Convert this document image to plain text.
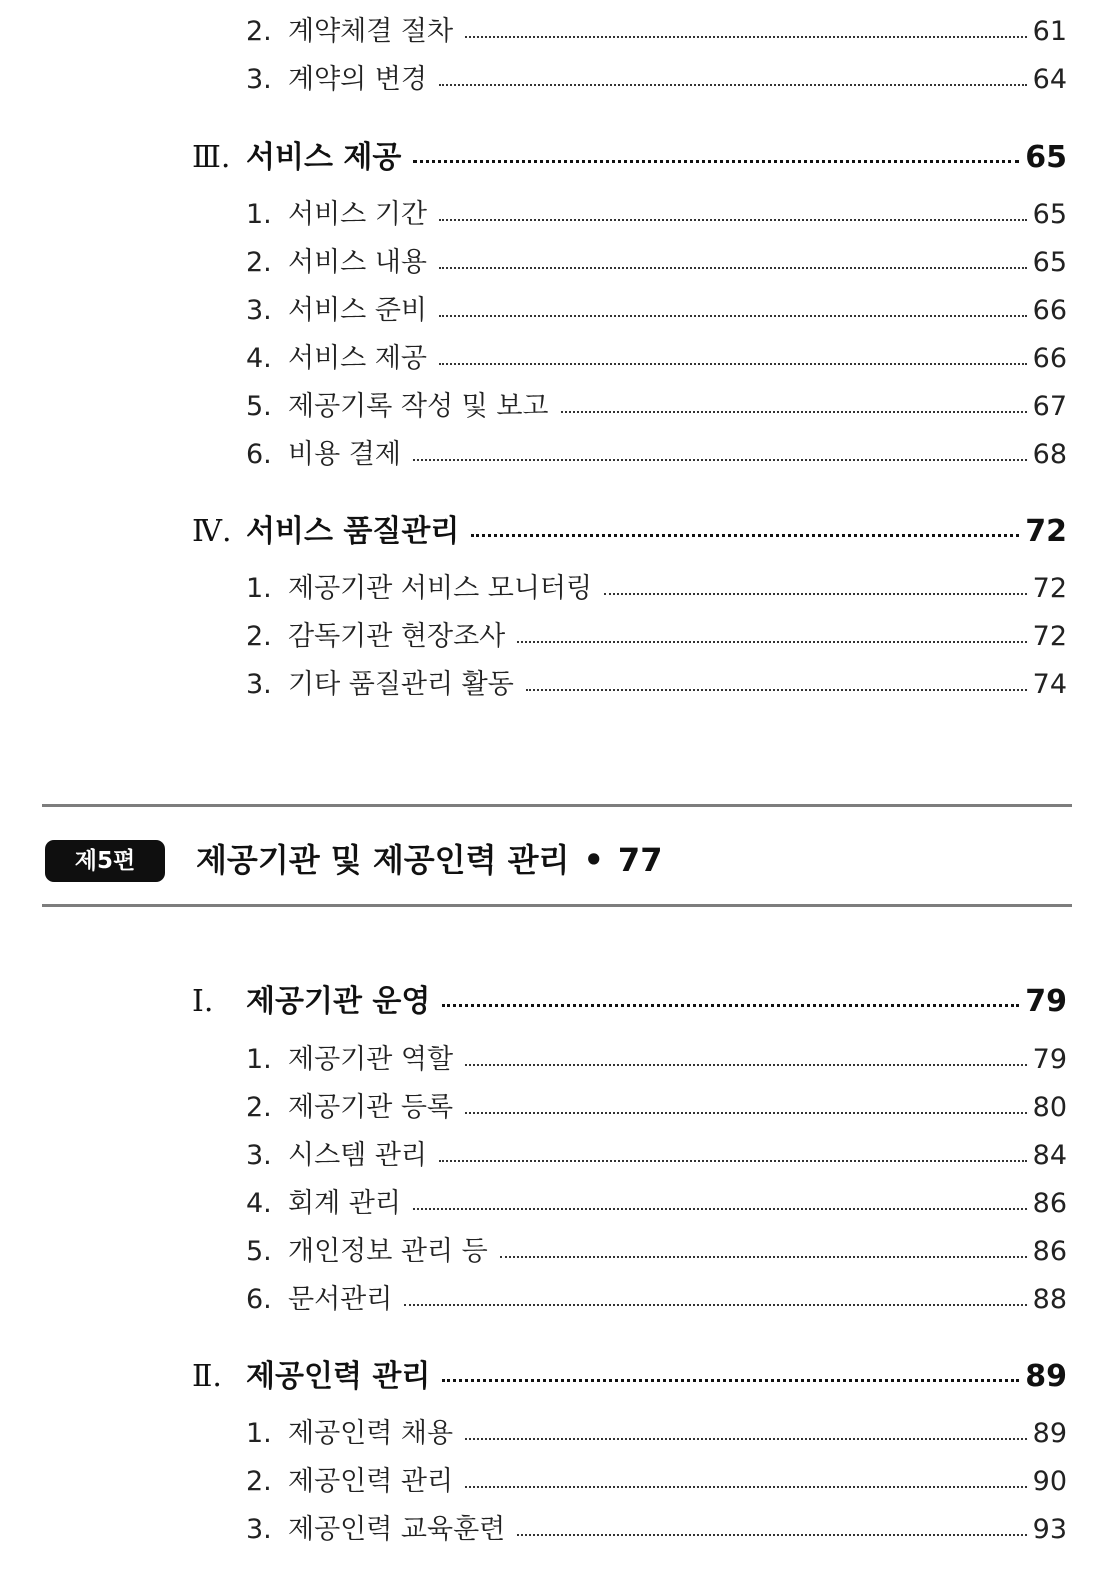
2. 계약체결 절차	61
3. 계약의 변경	64
Ⅲ. 서비스 제공	65
1. 서비스 기간	65
2. 서비스 내용	65
3. 서비스 준비	66
4. 서비스 제공	66
5. 제공기록 작성 및 보고	67
6. 비용 결제	68
Ⅳ. 서비스 품질관리	72
1. 제공기관 서비스 모니터링	72
2. 감독기관 현장조사	72
3. 기타 품질관리 활동	74
제5편	제공기관 및 제공인력 관리 • 77
Ⅰ. 제공기관 운영	79
1. 제공기관 역할	79
2. 제공기관 등록	80
3. 시스템 관리	84
4. 회계 관리	86
5. 개인정보 관리 등	86
6. 문서관리	88
Ⅱ. 제공인력 관리	89
1. 제공인력 채용	89
2. 제공인력 관리	90
3. 제공인력 교육훈련	93
